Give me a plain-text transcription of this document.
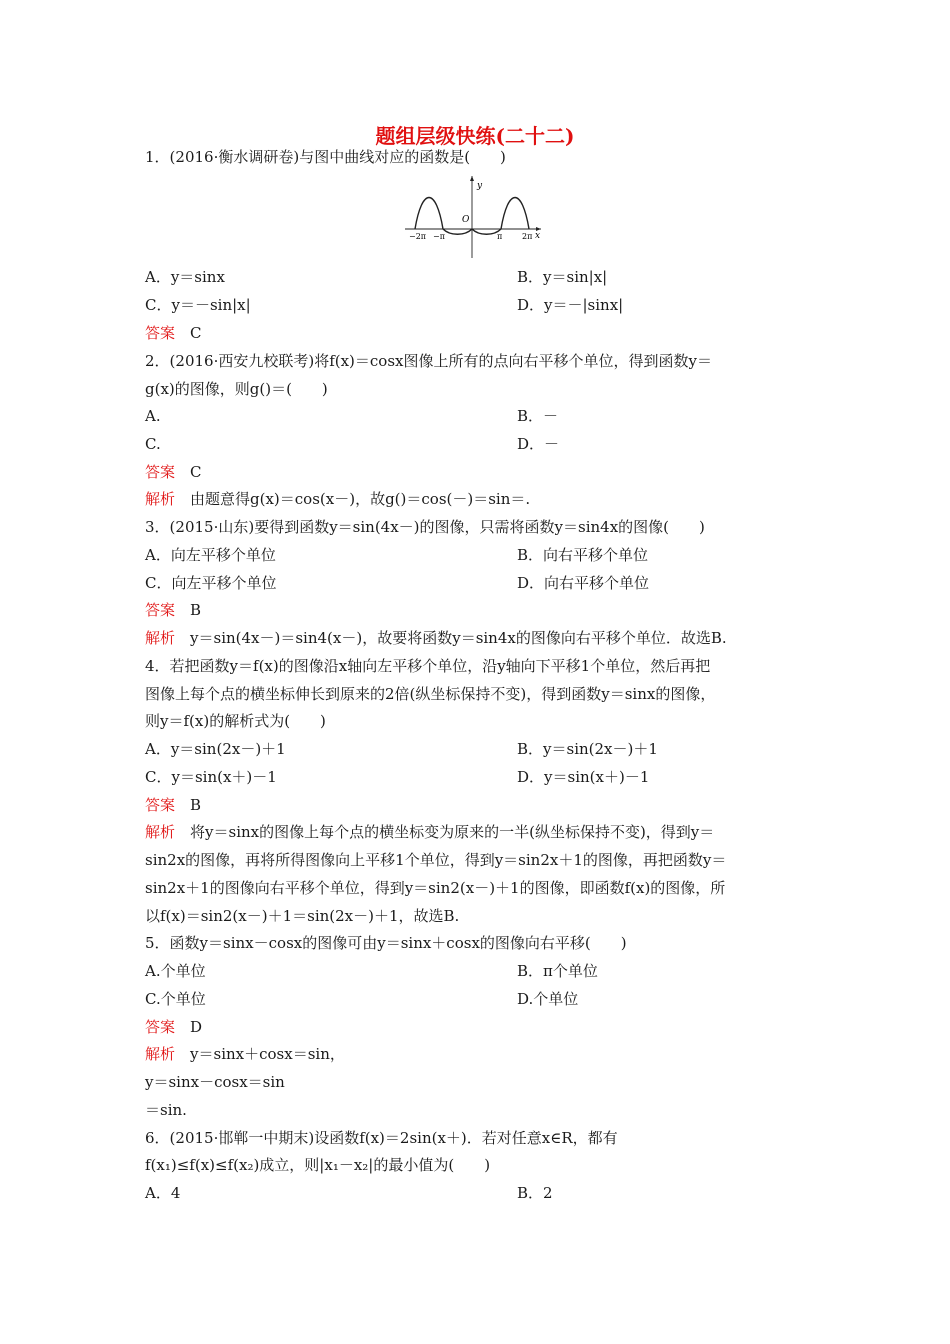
题组层级快练(二十二)
y
x
O
−2π −π	π 2π
1．(2016·衡水调研卷)与图中曲线对应的函数是(　　)
A．y＝sinx	B．y＝sin|x|
C．y＝－sin|x|	D．y＝－|sinx|
答案　C
2．(2016·西安九校联考)将f(x)＝cosx图像上所有的点向右平移个单位，得到函数y＝
g(x)的图像，则g()＝(　　)
A.	B．－
C.	D．－
答案　C
解析　由题意得g(x)＝cos(x－)，故g()＝cos(－)＝sin＝.
3．(2015·山东)要得到函数y＝sin(4x－)的图像，只需将函数y＝sin4x的图像(　　)
A．向左平移个单位	B．向右平移个单位
C．向左平移个单位	D．向右平移个单位
答案　B
解析　y＝sin(4x－)＝sin4(x－)，故要将函数y＝sin4x的图像向右平移个单位．故选B.
4．若把函数y＝f(x)的图像沿x轴向左平移个单位，沿y轴向下平移1个单位，然后再把
图像上每个点的横坐标伸长到原来的2倍(纵坐标保持不变)，得到函数y＝sinx的图像，
则y＝f(x)的解析式为(　　)
A．y＝sin(2x－)＋1	B．y＝sin(2x－)＋1
C．y＝sin(x＋)－1	D．y＝sin(x＋)－1
答案　B
解析　将y＝sinx的图像上每个点的横坐标变为原来的一半(纵坐标保持不变)，得到y＝
sin2x的图像，再将所得图像向上平移1个单位，得到y＝sin2x＋1的图像，再把函数y＝
sin2x＋1的图像向右平移个单位，得到y＝sin2(x－)＋1的图像，即函数f(x)的图像，所
以f(x)＝sin2(x－)＋1＝sin(2x－)＋1，故选B.
5．函数y＝sinx－cosx的图像可由y＝sinx＋cosx的图像向右平移(　　)
A.个单位	B．π个单位
C.个单位	D.个单位
答案　D
解析　y＝sinx＋cosx＝sin，
y＝sinx－cosx＝sin
＝sin.
6．(2015·邯郸一中期末)设函数f(x)＝2sin(x＋)．若对任意x∈R，都有
f(x₁)≤f(x)≤f(x₂)成立，则|x₁－x₂|的最小值为(　　)
A．4	B．2
